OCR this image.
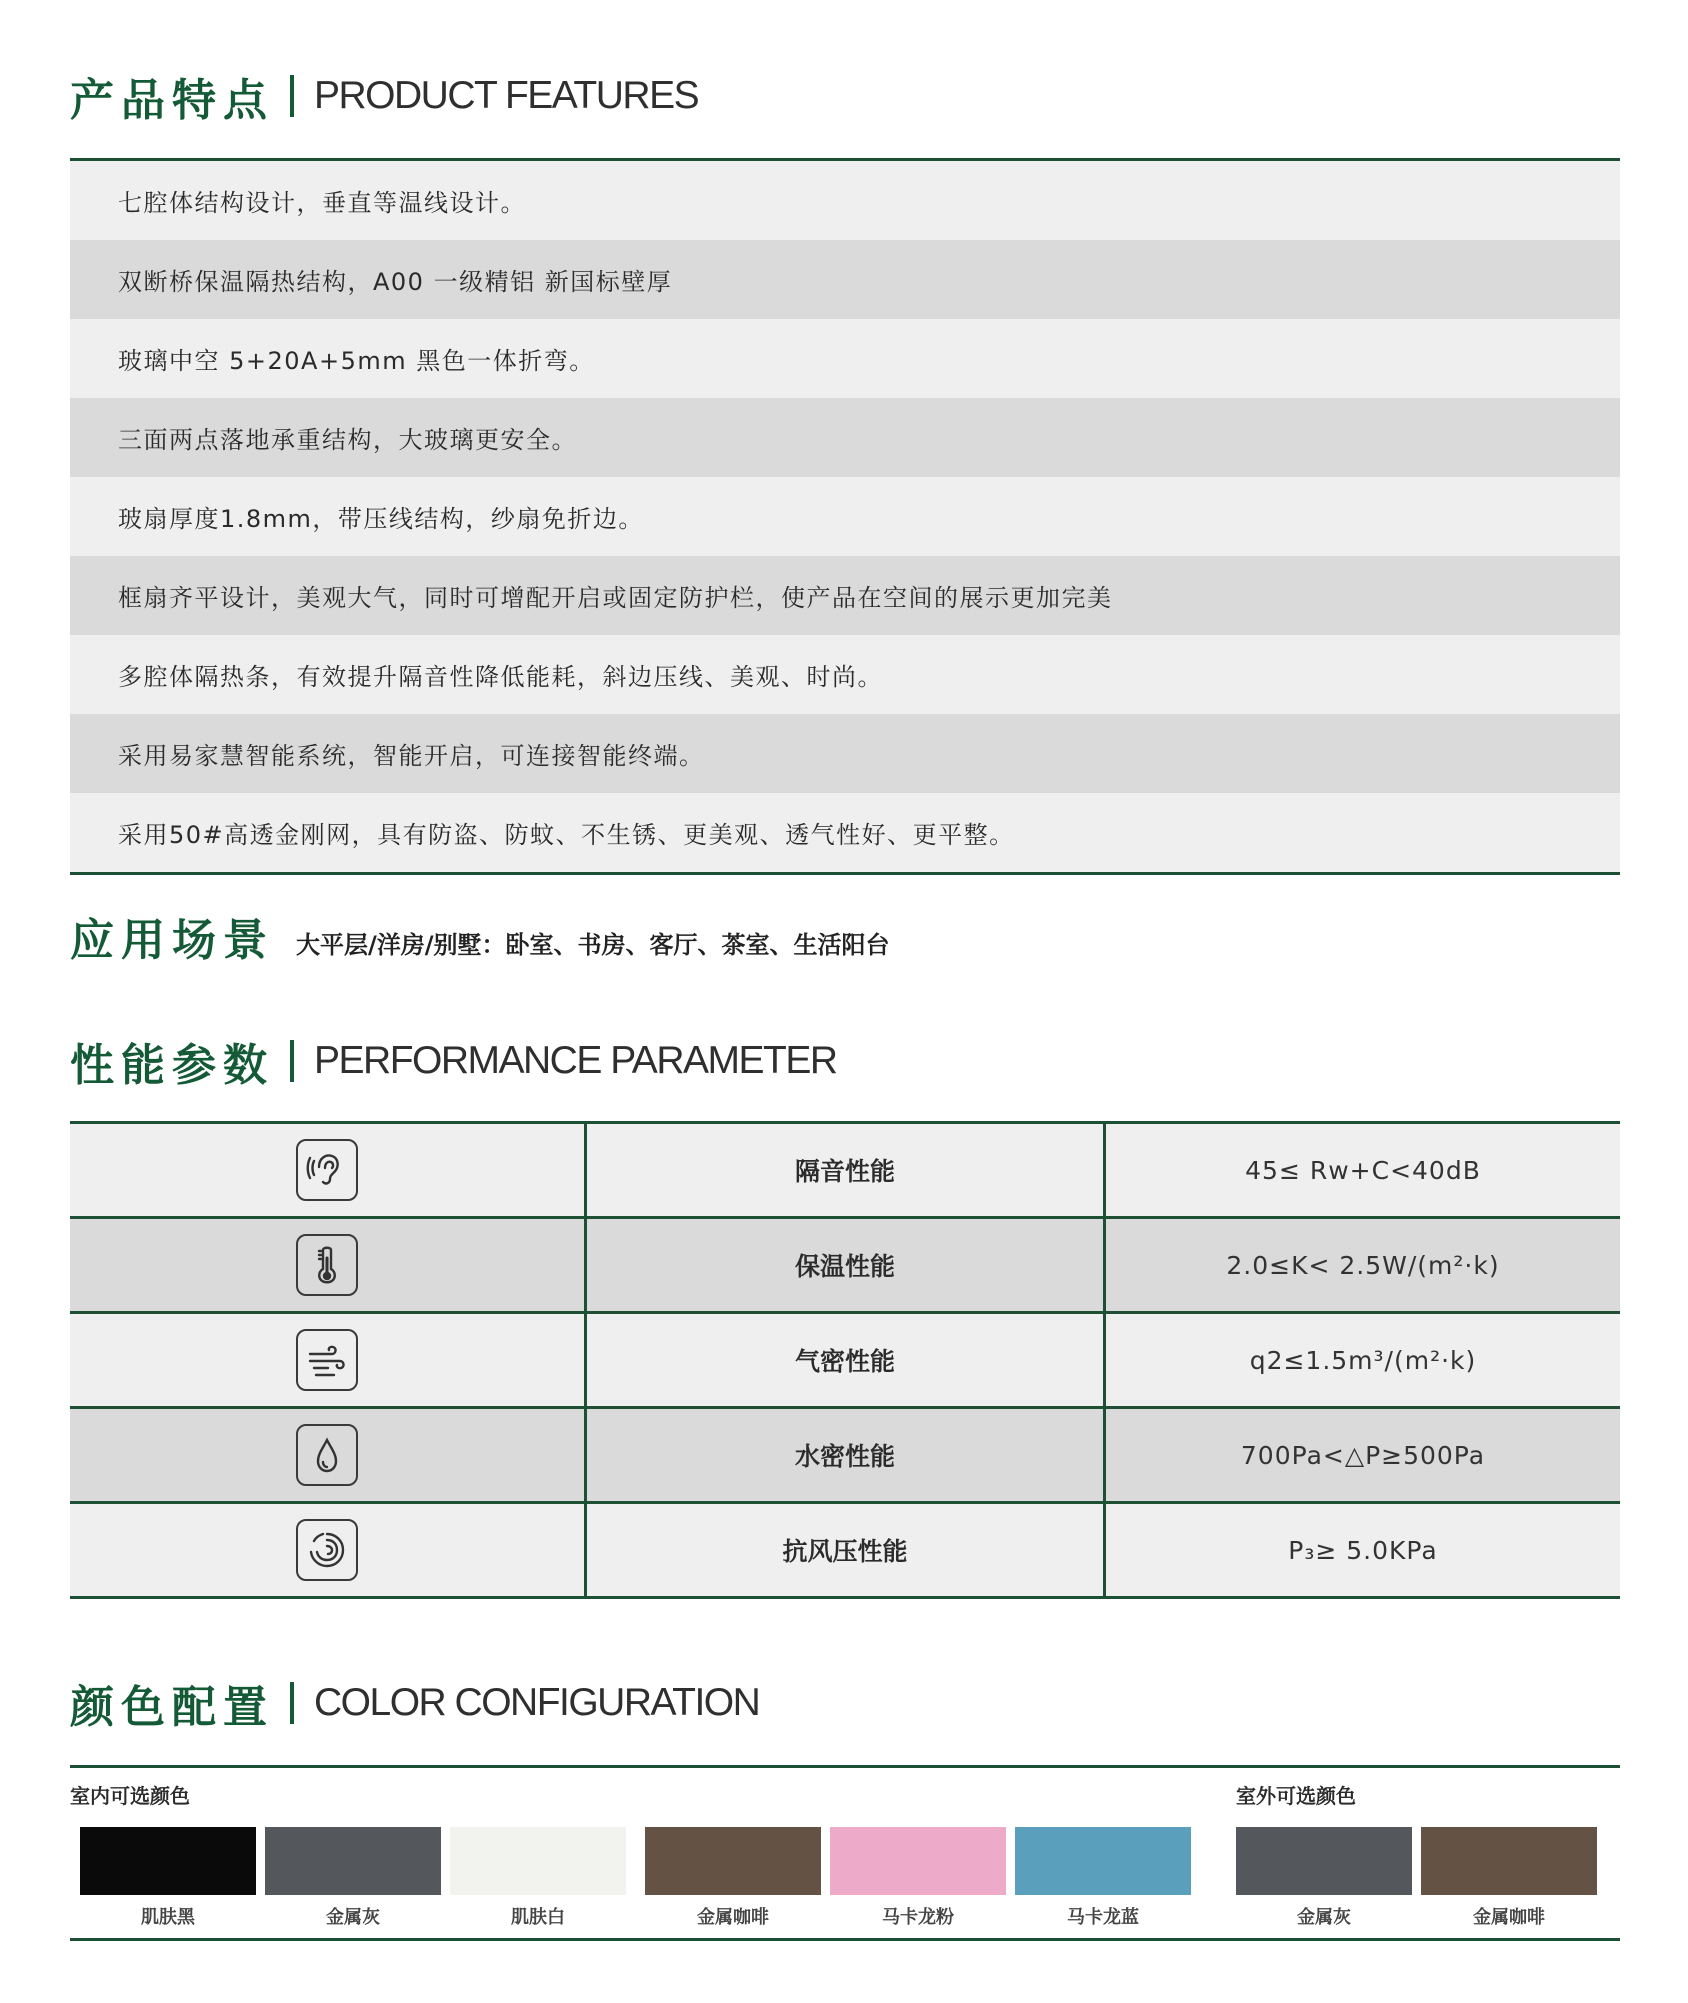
产品特点 PRODUCT FEATURES
七腔体结构设计，垂直等温线设计。
双断桥保温隔热结构，A00 一级精铝 新国标壁厚
玻璃中空 5+20A+5mm 黑色一体折弯。
三面两点落地承重结构，大玻璃更安全。
玻扇厚度1.8mm，带压线结构，纱扇免折边。
框扇齐平设计，美观大气，同时可增配开启或固定防护栏，使产品在空间的展示更加完美
多腔体隔热条，有效提升隔音性降低能耗，斜边压线、美观、时尚。
采用易家慧智能系统，智能开启，可连接智能终端。
采用50#高透金刚网，具有防盗、防蚊、不生锈、更美观、透气性好、更平整。
应用场景 大平层/洋房/别墅：卧室、书房、客厅、茶室、生活阳台
性能参数 PERFORMANCE PARAMETER
	隔音性能	45≤ Rw+C<40dB

	保温性能	2.0≤K< 2.5W/(m²·k)

	气密性能	q2≤1.5m³/(m²·k)

	水密性能	700Pa<△P≥500Pa

	抗风压性能	P₃≥ 5.0KPa
颜色配置 COLOR CONFIGURATION
室内可选颜色	室外可选颜色
肌肤黑	金属灰	肌肤白	金属咖啡	马卡龙粉	马卡龙蓝	金属灰	金属咖啡
